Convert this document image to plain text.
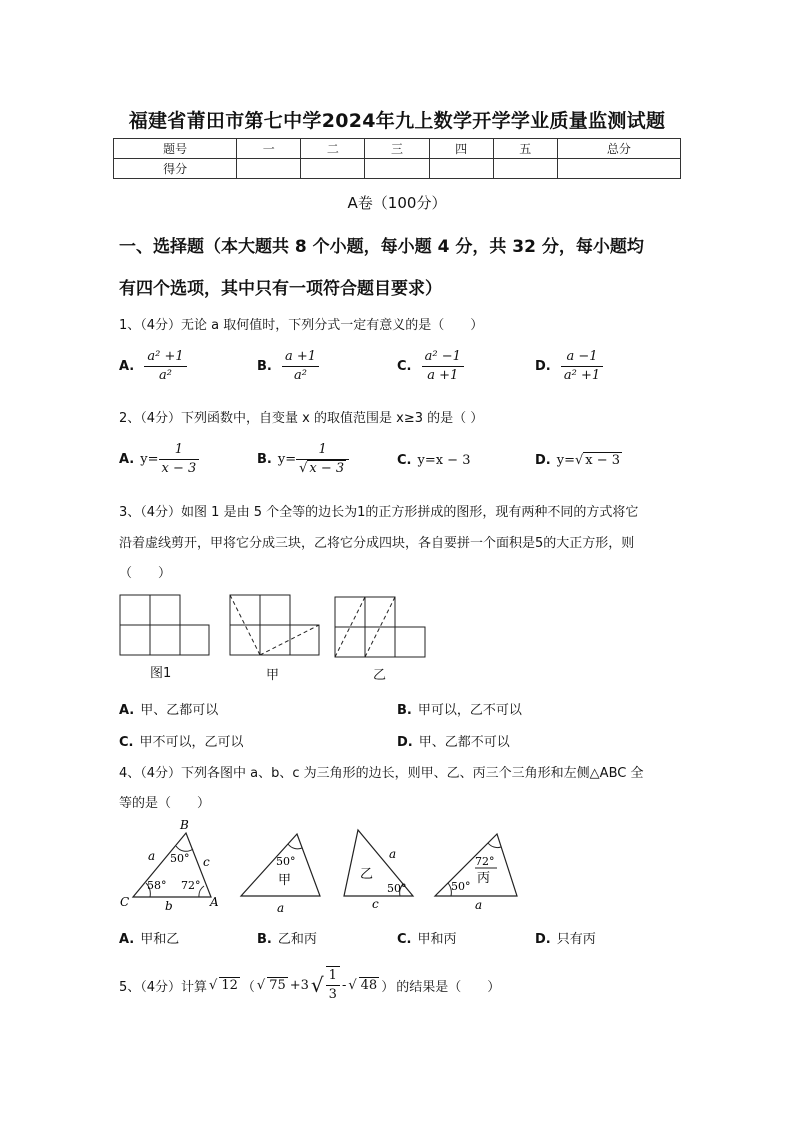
福建省莆田市第七中学2024年九上数学开学学业质量监测试题
题号	一	二	三	四	五	总分
得分						
A卷（100分）
一、选择题（本大题共 8 个小题，每小题 4 分，共 32 分，每小题均
有四个选项，其中只有一项符合题目要求）
1、（4分）无论 a 取何值时，下列分式一定有意义的是（　　）
A. $\frac{\text{a² +1}}{\text{a²}}$	B. $\frac{a +1}{\text{a²}}$	C. $\frac{\text{a² −1}}{a +1}$	D. $\frac{a -1}{\text{a² +1}}$
2、（4分）下列函数中，自变量 x 的取值范围是 x≥3 的是（ ）
A. $y= \frac{1}{x - 3}$	B. $y= \frac{1}{√ x - 3}$	C. y=x − 3	D. y=√ x − 3
3、（4分）如图 1 是由 5 个全等的边长为1的正方形拼成的图形，现有两种不同的方式将它
沿着虚线剪开，甲将它分成三块，乙将它分成四块，各自要拼一个面积是5的大正方形，则
（　　）
B
C	A
a	c
b
50°
58° 72°
50°
甲
a
乙
a
50°
c
72°
丙
50°
a
图1	甲	乙
A. 甲、乙都可以	B. 甲可以，乙不可以
C. 甲不可以，乙可以	D. 甲、乙都不可以
4、（4分）下列各图中 a、b、c 为三角形的边长，则甲、乙、丙三个三角形和左侧△ABC 全
等的是（　　）
A. 甲和乙	B. 乙和丙	C. 甲和丙	D. 只有丙
5、（4分）计算 √ 12 （ √ 75 +3 √ $\frac{1}{3}$ - √ 48 ） 的结果是（　　）
